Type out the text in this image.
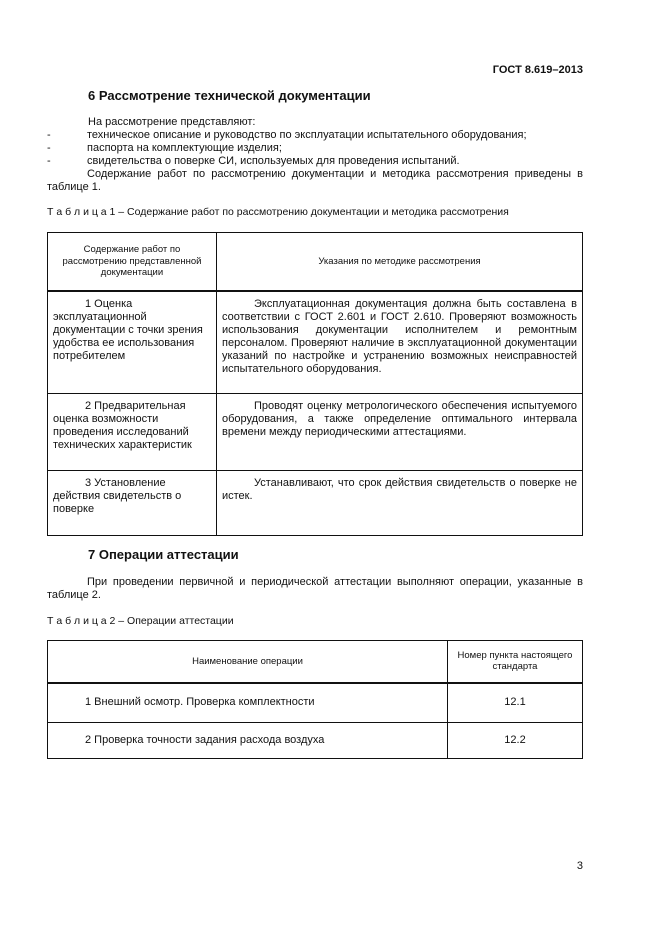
ГОСТ 8.619–2013
6 Рассмотрение технической документации
На рассмотрение представляют:
-	техническое описание и руководство по эксплуатации испытательного оборудования;
-	паспорта на комплектующие изделия;
-	свидетельства о поверке СИ, используемых для проведения испытаний.
Содержание работ по рассмотрению документации и методика рассмотрения приведены в таблице 1.
Т а б л и ц а 1 – Содержание работ по рассмотрению документации и методика рассмотрения
Содержание работ по рассмотрению представленной документации	Указания по методике рассмотрения
1 Оценка эксплуатационной документации с точки зрения удобства ее использования потребителем	Эксплуатационная документация должна быть составлена в соответствии с ГОСТ 2.601 и ГОСТ 2.610. Проверяют возможность использования документации исполнителем и ремонтным персоналом. Проверяют наличие в эксплуатационной документации указаний по настройке и устранению возможных неисправностей испытательного оборудования.
2 Предварительная оценка возможности проведения исследований технических характеристик	Проводят оценку метрологического обеспечения испытуемого оборудования, а также определение оптимального интервала времени между периодическими аттестациями.
3 Установление действия свидетельств о поверке	Устанавливают, что срок действия свидетельств о поверке не истек.
7 Операции аттестации
При проведении первичной и периодической аттестации выполняют операции, указанные в таблице 2.
Т а б л и ц а 2 – Операции аттестации
Наименование операции	Номер пункта настоящего стандарта
1 Внешний осмотр. Проверка комплектности	12.1
2 Проверка точности задания расхода воздуха	12.2
3
